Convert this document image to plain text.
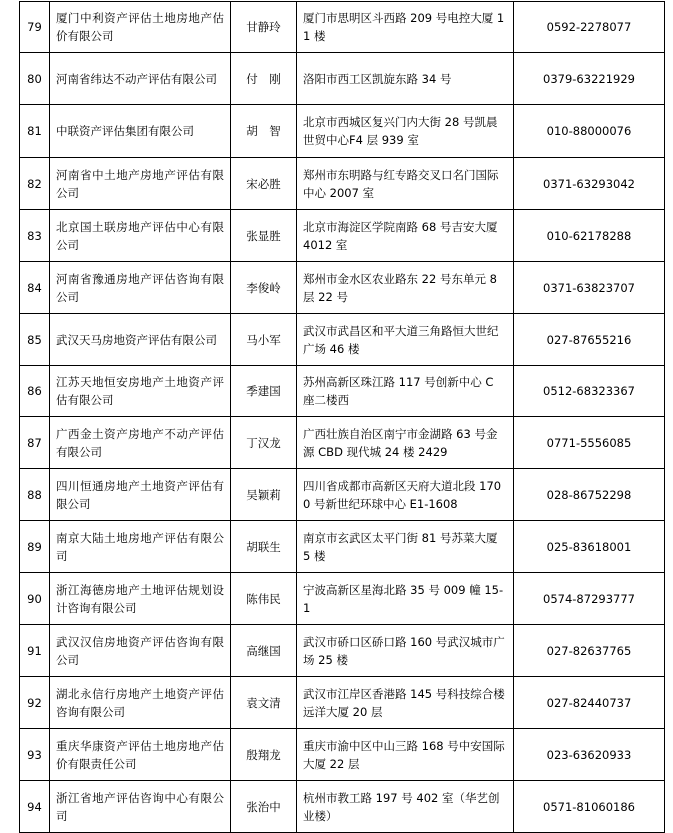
79	厦门中利资产评估土地房地产估价有限公司	甘静玲	厦门市思明区斗西路 209 号电控大厦 11 楼	0592-2278077
80	河南省纬达不动产评估有限公司	付　刚	洛阳市西工区凯旋东路 34 号	0379-63221929
81	中联资产评估集团有限公司	胡　智	北京市西城区复兴门内大街 28 号凯晨世贸中心F4 层 939 室	010-88000076
82	河南省中土地产房地产评估有限公司	宋必胜	郑州市东明路与红专路交叉口名门国际中心 2007 室	0371-63293042
83	北京国土联房地产评估中心有限公司	张显胜	北京市海淀区学院南路 68 号吉安大厦 4012 室	010-62178288
84	河南省豫通房地产评估咨询有限公司	李俊岭	郑州市金水区农业路东 22 号东单元 8 层 22 号	0371-63823707
85	武汉天马房地资产评估有限公司	马小军	武汉市武昌区和平大道三角路恒大世纪广场 46 楼	027-87655216
86	江苏天地恒安房地产土地资产评估有限公司	季建国	苏州高新区珠江路 117 号创新中心 C 座二楼西	0512-68323367
87	广西金土资产房地产不动产评估有限公司	丁汉龙	广西壮族自治区南宁市金湖路 63 号金源 CBD 现代城 24 楼 2429	0771-5556085
88	四川恒通房地产土地资产评估有限公司	吴颖莉	四川省成都市高新区天府大道北段 1700 号新世纪环球中心 E1-1608	028-86752298
89	南京大陆土地房地产评估有限公司	胡联生	南京市玄武区太平门街 81 号苏菜大厦 5 楼	025-83618001
90	浙江海德房地产土地评估规划设计咨询有限公司	陈伟民	宁波高新区星海北路 35 号 009 幢 15-1	0574-87293777
91	武汉汉信房地资产评估咨询有限公司	高继国	武汉市硚口区硚口路 160 号武汉城市广场 25 楼	027-82637765
92	湖北永信行房地产土地资产评估咨询有限公司	袁文清	武汉市江岸区香港路 145 号科技综合楼远洋大厦 20 层	027-82440737
93	重庆华康资产评估土地房地产估价有限责任公司	殷翔龙	重庆市渝中区中山三路 168 号中安国际大厦 22 层	023-63620933
94	浙江省地产评估咨询中心有限公司	张治中	杭州市教工路 197 号 402 室（华艺创业楼）	0571-81060186
